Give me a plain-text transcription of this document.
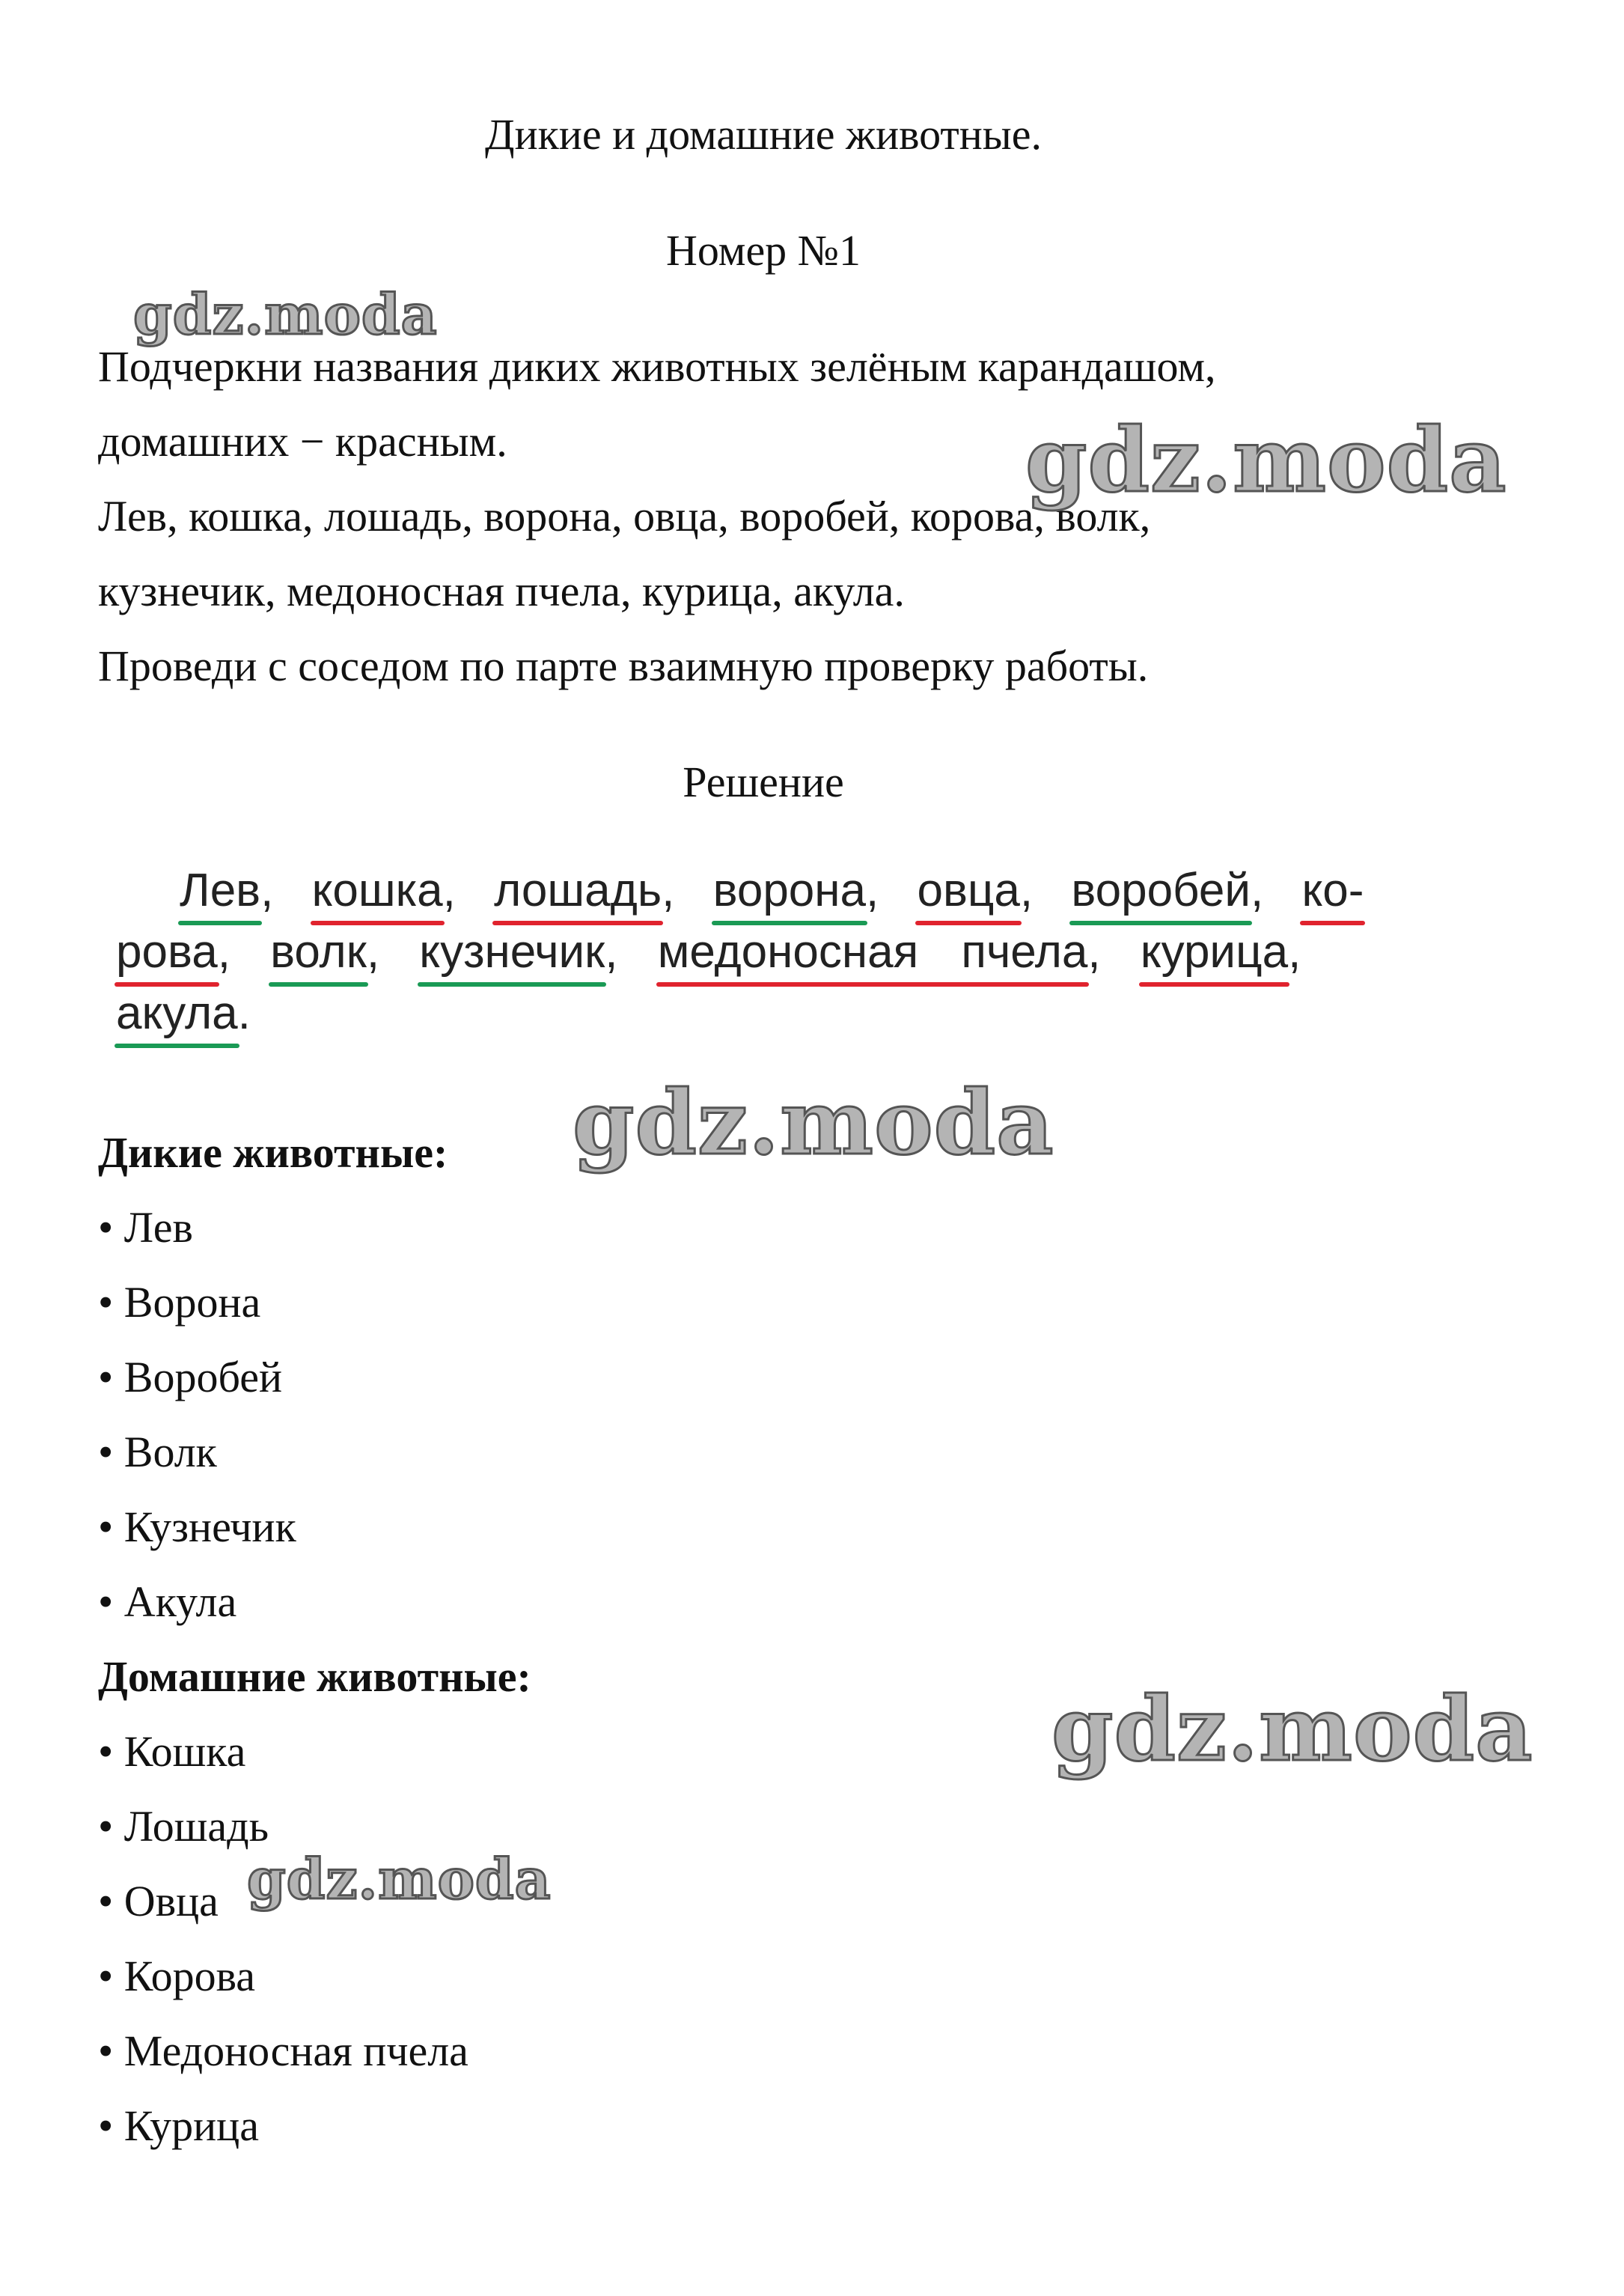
Дикие и домашние животные.
Номер №1
Подчеркни названия диких животных зелёным карандашом,
домашних − красным.
Лев, кошка, лошадь, ворона, овца, воробей, корова, волк,
кузнечик, медоносная пчела, курица, акула.
Проведи с соседом по парте взаимную проверку работы.
Решение
Лев, кошка, лошадь, ворона, овца, воробей, ко-
рова, волк, кузнечик, медоносная пчела, курица,
акула.
Дикие животные:
• Лев
• Ворона
• Воробей
• Волк
• Кузнечик
• Акула
Домашние животные:
• Кошка
• Лошадь
• Овца
• Корова
• Медоносная пчела
• Курица
gdz.moda
gdz.moda
gdz.moda
gdz.moda
gdz.moda
